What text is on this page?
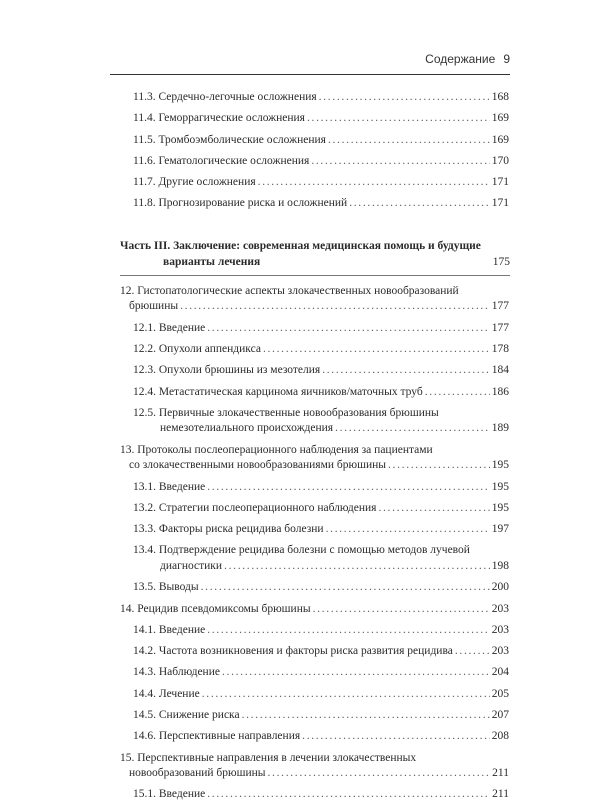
Содержание 9
11.3. Сердечно-легочные осложнения . . .	168
11.4. Геморрагические осложнения . . .	169
11.5. Тромбоэмболические осложнения . . .	169
11.6. Гематологические осложнения . . .	170
11.7. Другие осложнения . . .	171
11.8. Прогнозирование риска и осложнений . . .	171
Часть III. Заключение: современная медицинская помощь и будущие
варианты лечения	175
12. Гистопатологические аспекты злокачественных новообразований
брюшины . . .	177
12.1. Введение . . .	177
12.2. Опухоли аппендикса . . .	178
12.3. Опухоли брюшины из мезотелия . . .	184
12.4. Метастатическая карцинома яичников/маточных труб . . .	186
12.5. Первичные злокачественные новообразования брюшины
немезотелиального происхождения . . .	189
13. Протоколы послеоперационного наблюдения за пациентами
со злокачественными новообразованиями брюшины . . .	195
13.1. Введение . . .	195
13.2. Стратегии послеоперационного наблюдения . . .	195
13.3. Факторы риска рецидива болезни . . .	197
13.4. Подтверждение рецидива болезни с помощью методов лучевой
диагностики . . .	198
13.5. Выводы . . .	200
14. Рецидив псевдомиксомы брюшины . . .	203
14.1. Введение . . .	203
14.2. Частота возникновения и факторы риска развития рецидива . . .	203
14.3. Наблюдение . . .	204
14.4. Лечение . . .	205
14.5. Снижение риска . . .	207
14.6. Перспективные направления . . .	208
15. Перспективные направления в лечении злокачественных
новообразований брюшины . . .	211
15.1. Введение . . .	211
